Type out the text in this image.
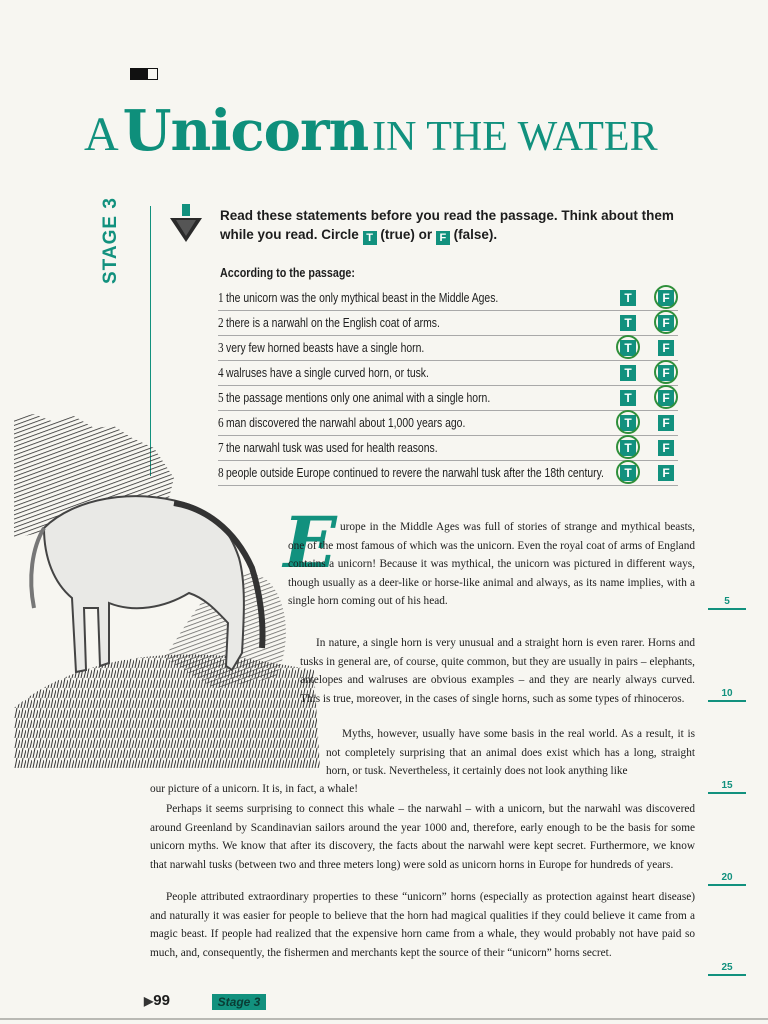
A Unicorn IN THE WATER
STAGE 3	Read these statements before you read the passage. Think about them while you read. Circle T (true) or F (false).
According to the passage:
1 the unicorn was the only mythical beast in the Middle Ages.	T	F
2 there is a narwahl on the English coat of arms.	T	F
3 very few horned beasts have a single horn.	T	F
4 walruses have a single curved horn, or tusk.	T	F
5 the passage mentions only one animal with a single horn.	T	F
6 man discovered the narwahl about 1,000 years ago.	T	F
7 the narwahl tusk was used for health reasons.	T	F
8 people outside Europe continued to revere the narwahl tusk after the 18th century.	T	F
E urope in the Middle Ages was full of stories of strange and mythical beasts, one of the most famous of which was the unicorn. Even the royal coat of arms of England contains a unicorn! Because it was mythical, the unicorn was pictured in different ways, though usually as a deer-like or horse-like animal and always, as its name implies, with a single horn coming out of his head.
In nature, a single horn is very unusual and a straight horn is even rarer. Horns and tusks in general are, of course, quite common, but they are usually in pairs – elephants, antelopes and walruses are obvious examples – and they are nearly always curved. This is true, moreover, in the cases of single horns, such as some types of rhinoceros.
Myths, however, usually have some basis in the real world. As a result, it is not completely surprising that an animal does exist which has a long, straight horn, or tusk. Nevertheless, it certainly does not look anything like
our picture of a unicorn. It is, in fact, a whale!
Perhaps it seems surprising to connect this whale – the narwahl – with a unicorn, but the narwahl was discovered around Greenland by Scandinavian sailors around the year 1000 and, therefore, early enough to be the basis for some unicorn myths. We know that after its discovery, the facts about the narwahl were kept secret. Furthermore, we know that narwahl tusks (between two and three meters long) were sold as unicorn horns in Europe for hundreds of years.
People attributed extraordinary properties to these “unicorn” horns (especially as protection against heart disease) and naturally it was easier for people to believe that the horn had magical qualities if they could believe it came from a magic beast. If people had realized that the expensive horn came from a whale, they would probably not have paid so much, and, consequently, the fishermen and merchants kept the source of their “unicorn” horns secret.
5
10
15
20
25
▶99	Stage 3
